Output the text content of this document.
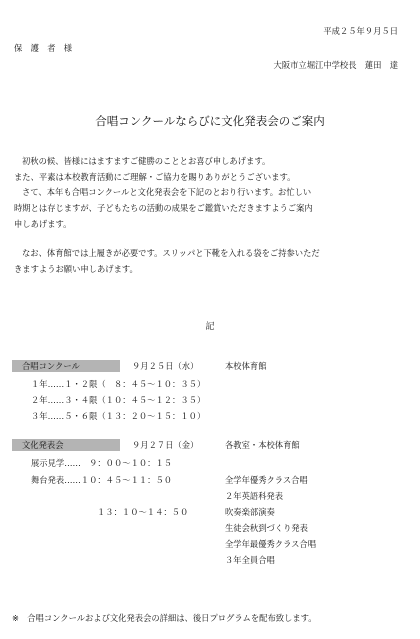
平成２５年９月５日
保　護　者　様
大阪市立堀江中学校長　蓮田　達
合唱コンクールならびに文化発表会のご案内
初秋の候、皆様にはますますご健勝のこととお喜び申しあげます。
また、平素は本校教育活動にご理解・ご協力を賜りありがとうございます。
さて、本年も合唱コンクールと文化発表会を下記のとおり行います。お忙しい
時期とは存じますが、子どもたちの活動の成果をご鑑賞いただきますようご案内
申しあげます。
なお、体育館では上履きが必要です。スリッパと下靴を入れる袋をご持参いただ
きますようお願い申しあげます。
記
合唱コンクール	９月２５日（水）	本校体育館
１年……１・２限（　８：４５～１０：３５）
２年……３・４限（１０：４５～１２：３５）
３年……５・６限（１３：２０～１５：１０）
文化発表会	９月２７日（金）	各教室・本校体育館
展示見学……　９：００～１０：１５
舞台発表……１０：４５～１１：５０	全学年優秀クラス合唱
２年英語科発表
１３：１０～１４：５０	吹奏楽部演奏
生徒会秋到づくり発表
全学年最優秀クラス合唱
３年全員合唱
※　合唱コンクールおよび文化発表会の詳細は、後日プログラムを配布致します。
